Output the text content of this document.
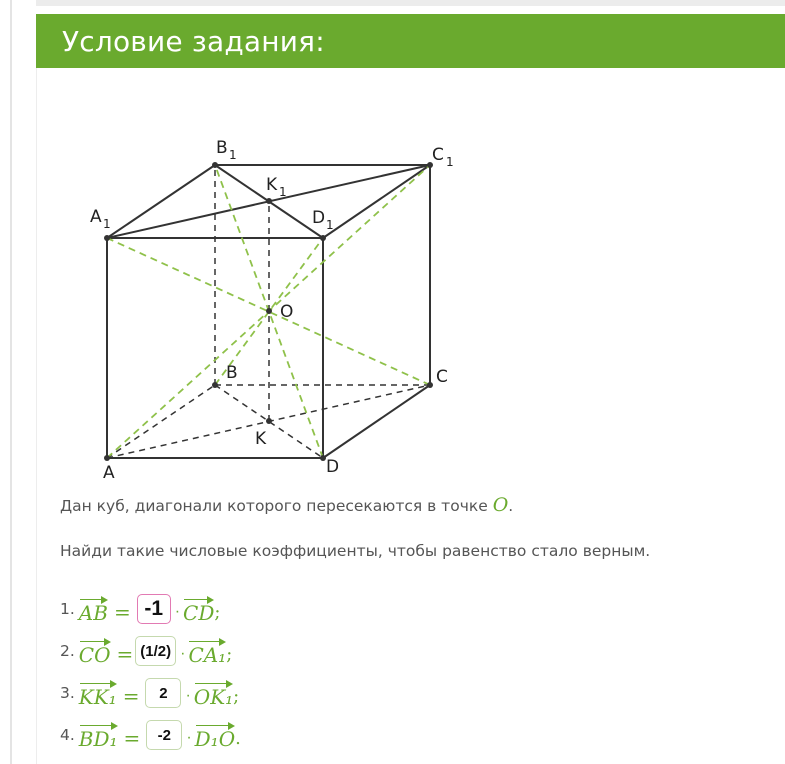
Условие задания:
A
B	C
D
K
O
A 1
B 1	C 1
D 1
K 1
Дан куб, диагонали которого пересекаются в точке O.
Найди такие числовые коэффициенты, чтобы равенство стало верным.
1. AB = -1 · CD ;
2. CO = (1/2) · CA₁ ;
3. KK₁ =	2	· OK₁ ;
4. BD₁ =	-2 · D₁O .
